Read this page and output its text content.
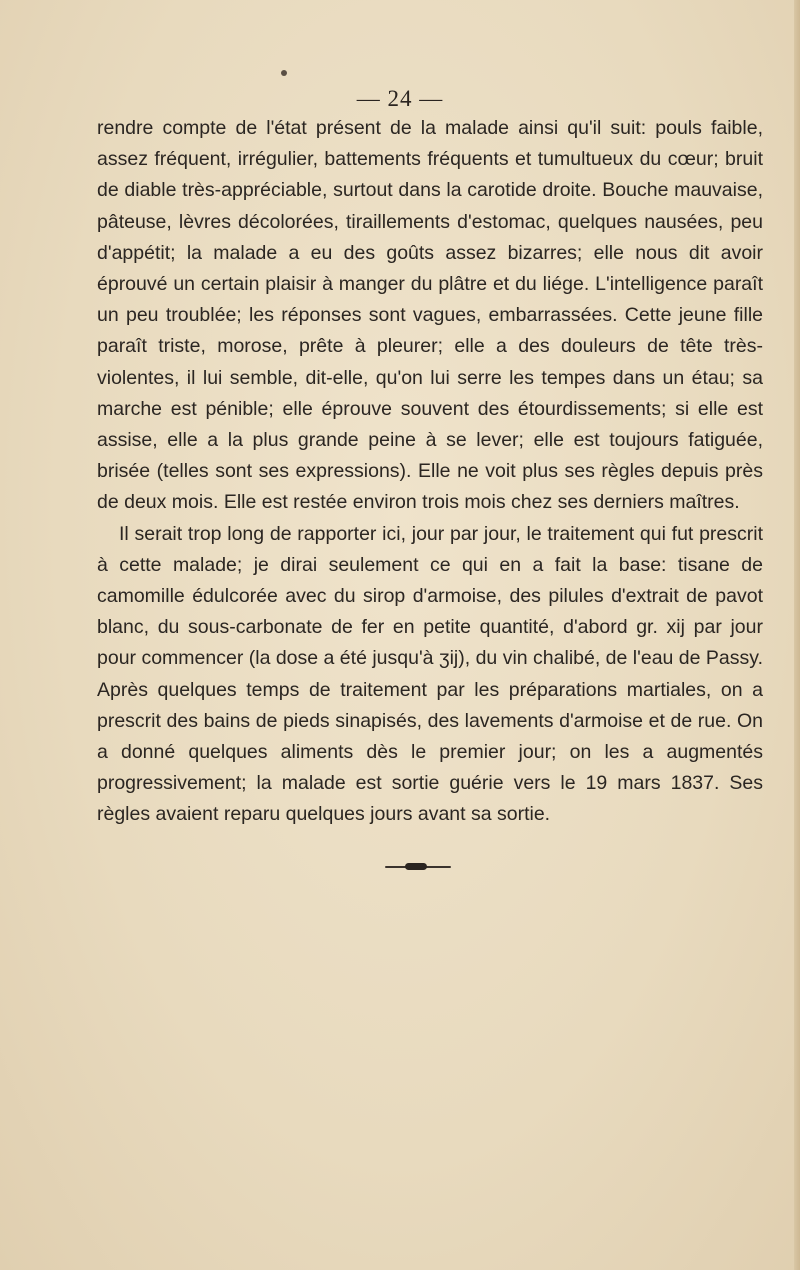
— 24 —

rendre compte de l'état présent de la malade ainsi qu'il suit: pouls faible, assez fréquent, irrégulier, battements fréquents et tumultueux du cœur; bruit de diable très-appréciable, surtout dans la carotide droite. Bouche mauvaise, pâteuse, lèvres décolorées, tiraillements d'estomac, quelques nausées, peu d'appétit; la malade a eu des goûts assez bizarres; elle nous dit avoir éprouvé un certain plaisir à manger du plâtre et du liége. L'intelligence paraît un peu troublée; les réponses sont vagues, embarrassées. Cette jeune fille paraît triste, morose, prête à pleurer; elle a des douleurs de tête très-violentes, il lui semble, dit-elle, qu'on lui serre les tempes dans un étau; sa marche est pénible; elle éprouve souvent des étourdissements; si elle est assise, elle a la plus grande peine à se lever; elle est toujours fatiguée, brisée (telles sont ses expressions). Elle ne voit plus ses règles depuis près de deux mois. Elle est restée environ trois mois chez ses derniers maîtres.

Il serait trop long de rapporter ici, jour par jour, le traitement qui fut prescrit à cette malade; je dirai seulement ce qui en a fait la base: tisane de camomille édulcorée avec du sirop d'armoise, des pilules d'extrait de pavot blanc, du sous-carbonate de fer en petite quantité, d'abord gr. xij par jour pour commencer (la dose a été jusqu'à ʒij), du vin chalibé, de l'eau de Passy. Après quelques temps de traitement par les préparations martiales, on a prescrit des bains de pieds sinapisés, des lavements d'armoise et de rue. On a donné quelques aliments dès le premier jour; on les a augmentés progressivement; la malade est sortie guérie vers le 19 mars 1837. Ses règles avaient reparu quelques jours avant sa sortie.
